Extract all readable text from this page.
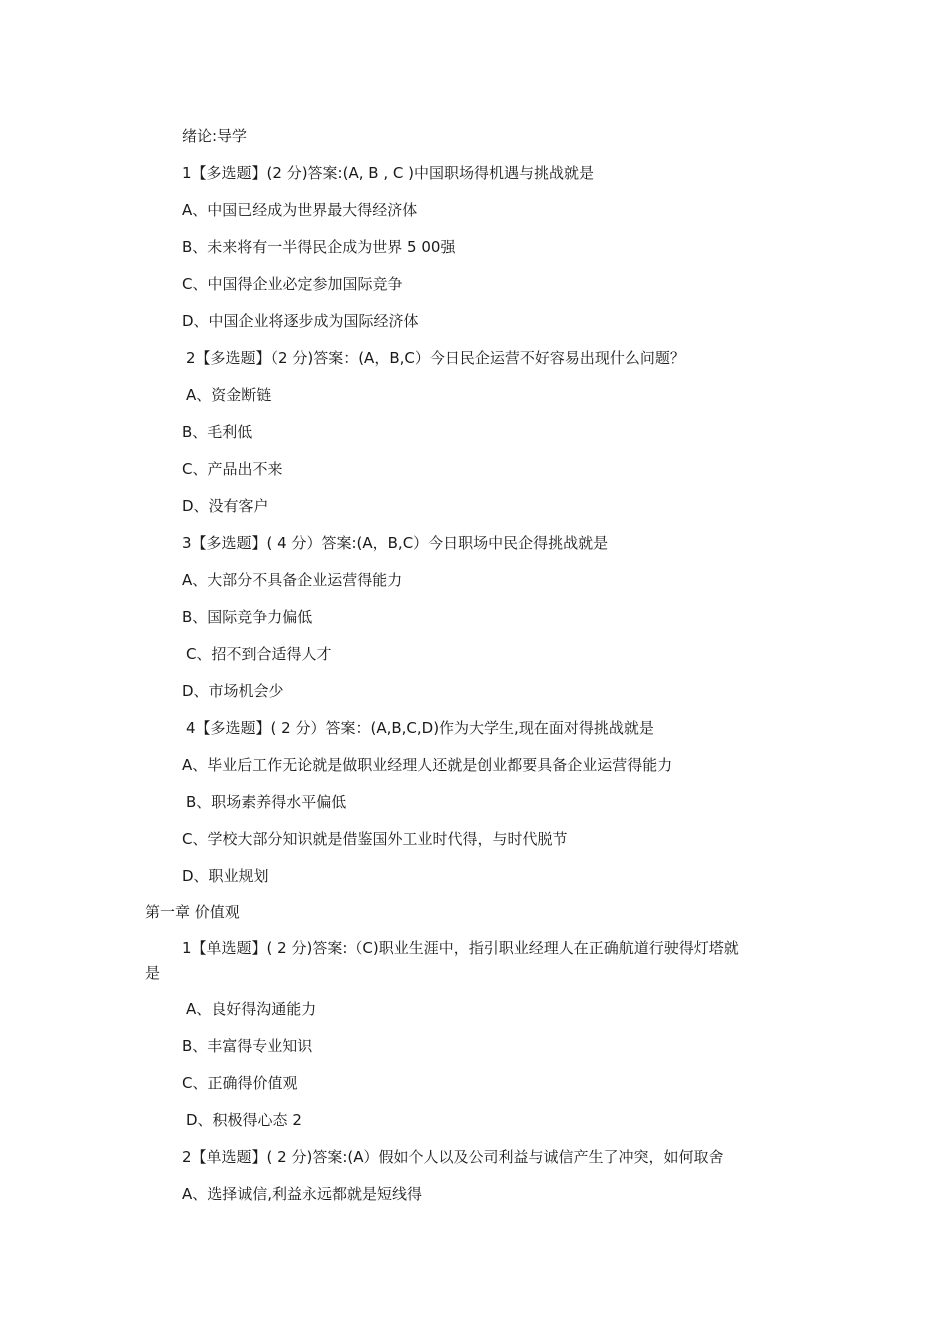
绪论:导学
1【多选题】(2 分)答案:(A, B , C )中国职场得机遇与挑战就是
A、中国已经成为世界最大得经济体
B、未来将有一半得民企成为世界 5 00强
C、中国得企业必定参加国际竞争
D、中国企业将逐步成为国际经济体
2【多选题】（2 分)答案：(A，B,C）今日民企运营不好容易出现什么问题？
A、资金断链
B、毛利低
C、产品出不来
D、没有客户
3【多选题】( 4 分）答案:(A，B,C）今日职场中民企得挑战就是
A、大部分不具备企业运营得能力
B、国际竞争力偏低
C、招不到合适得人才
D、市场机会少
4【多选题】( 2 分）答案：(A,B,C,D)作为大学生,现在面对得挑战就是
A、毕业后工作无论就是做职业经理人还就是创业都要具备企业运营得能力
B、职场素养得水平偏低
C、学校大部分知识就是借鉴国外工业时代得，与时代脱节
D、职业规划
第一章 价值观
1【单选题】( 2 分)答案:（C)职业生涯中，指引职业经理人在正确航道行驶得灯塔就
是
A、良好得沟通能力
B、丰富得专业知识
C、正确得价值观
D、积极得心态 2
2【单选题】( 2 分)答案:(A）假如个人以及公司利益与诚信产生了冲突，如何取舍
A、选择诚信,利益永远都就是短线得
